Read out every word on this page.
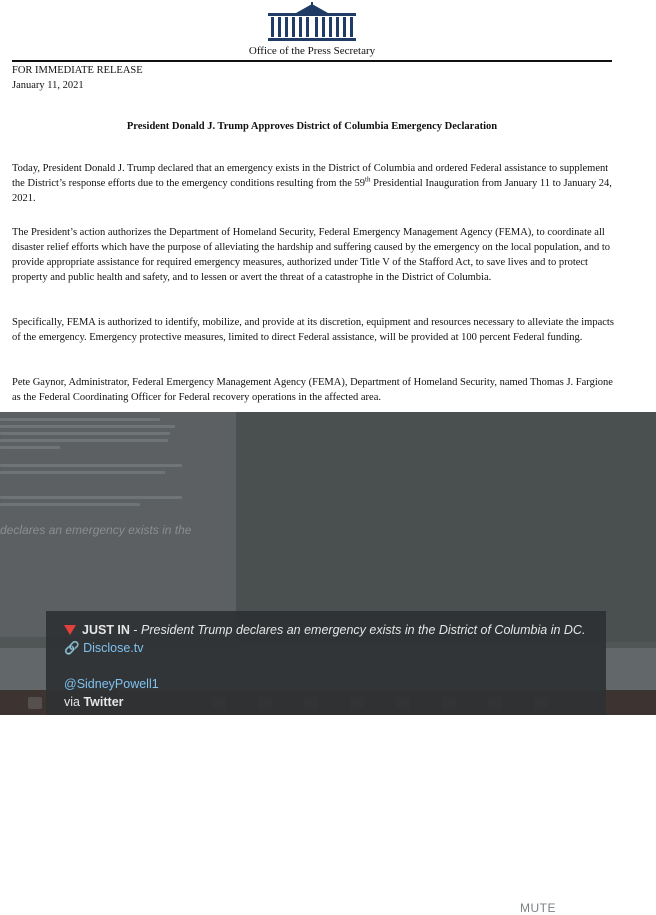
Office of the Press Secretary
FOR IMMEDIATE RELEASE
January 11, 2021
President Donald J. Trump Approves District of Columbia Emergency Declaration

Today, President Donald J. Trump declared that an emergency exists in the District of Columbia and ordered Federal assistance to supplement the District’s response efforts due to the emergency conditions resulting from the 59th Presidential Inauguration from January 11 to January 24, 2021.

The President’s action authorizes the Department of Homeland Security, Federal Emergency Management Agency (FEMA), to coordinate all disaster relief efforts which have the purpose of alleviating the hardship and suffering caused by the emergency on the local population, and to provide appropriate assistance for required emergency measures, authorized under Title V of the Stafford Act, to save lives and to protect property and public health and safety, and to lessen or avert the threat of a catastrophe in the District of Columbia.

Specifically, FEMA is authorized to identify, mobilize, and provide at its discretion, equipment and resources necessary to alleviate the impacts of the emergency. Emergency protective measures, limited to direct Federal assistance, will be provided at 100 percent Federal funding.

Pete Gaynor, Administrator, Federal Emergency Management Agency (FEMA), Department of Homeland Security, named Thomas J. Fargione as the Federal Coordinating Officer for Federal recovery operations in the affected area.

declares an emergency exists in the
MUTE
JUST IN - President Trump declares an emergency exists in the District of Columbia in DC.
🔗 Disclose.tv
@SidneyPowell1
via Twitter
